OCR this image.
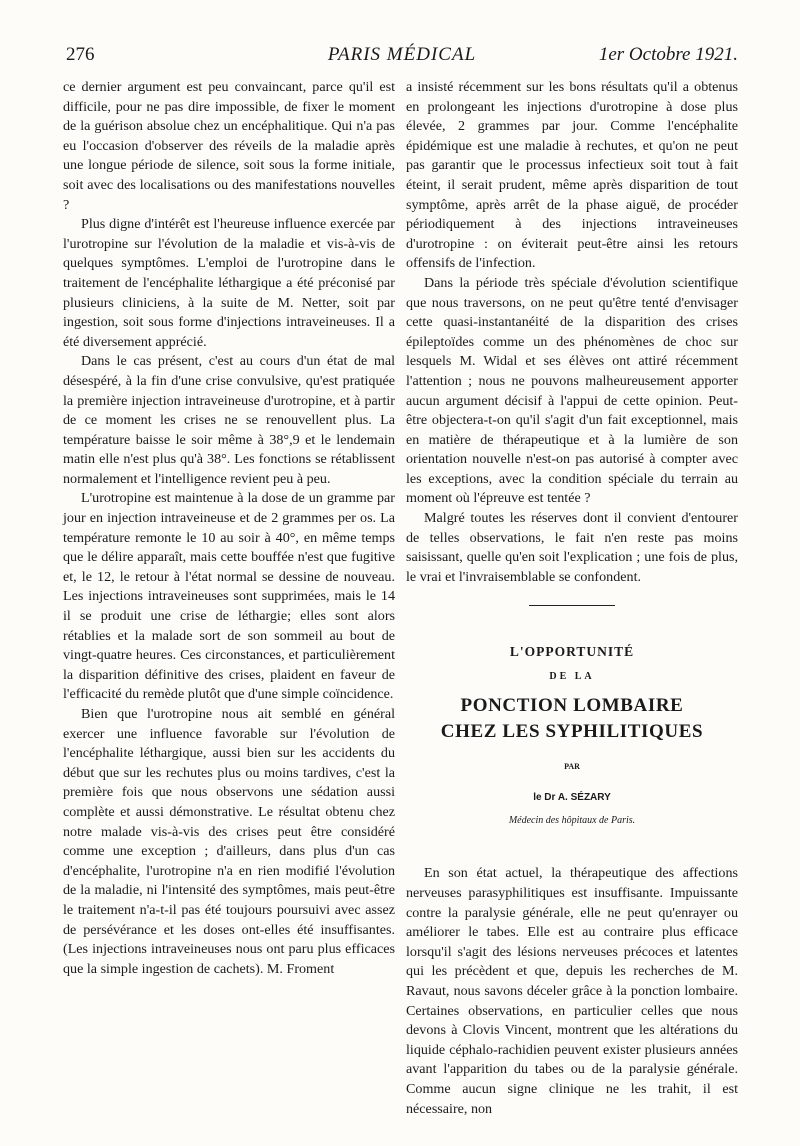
276	PARIS MÉDICAL	1er Octobre 1921.

ce dernier argument est peu convaincant, parce qu'il est difficile, pour ne pas dire impossible, de fixer le moment de la guérison absolue chez un encéphalitique. Qui n'a pas eu l'occasion d'observer des réveils de la maladie après une longue période de silence, soit sous la forme initiale, soit avec des localisations ou des manifestations nouvelles ?

Plus digne d'intérêt est l'heureuse influence exercée par l'urotropine sur l'évolution de la maladie et vis-à-vis de quelques symptômes. L'emploi de l'urotropine dans le traitement de l'encéphalite léthargique a été préconisé par plusieurs cliniciens, à la suite de M. Netter, soit par ingestion, soit sous forme d'injections intraveineuses. Il a été diversement apprécié.

Dans le cas présent, c'est au cours d'un état de mal désespéré, à la fin d'une crise convulsive, qu'est pratiquée la première injection intraveineuse d'urotropine, et à partir de ce moment les crises ne se renouvellent plus. La température baisse le soir même à 38°,9 et le lendemain matin elle n'est plus qu'à 38°. Les fonctions se rétablissent normalement et l'intelligence revient peu à peu.

L'urotropine est maintenue à la dose de un gramme par jour en injection intraveineuse et de 2 grammes per os. La température remonte le 10 au soir à 40°, en même temps que le délire apparaît, mais cette bouffée n'est que fugitive et, le 12, le retour à l'état normal se dessine de nouveau. Les injections intraveineuses sont supprimées, mais le 14 il se produit une crise de léthargie; elles sont alors rétablies et la malade sort de son sommeil au bout de vingt-quatre heures. Ces circonstances, et particulièrement la disparition définitive des crises, plaident en faveur de l'efficacité du remède plutôt que d'une simple coïncidence.

Bien que l'urotropine nous ait semblé en général exercer une influence favorable sur l'évolution de l'encéphalite léthargique, aussi bien sur les accidents du début que sur les rechutes plus ou moins tardives, c'est la première fois que nous observons une sédation aussi complète et aussi démonstrative. Le résultat obtenu chez notre malade vis-à-vis des crises peut être considéré comme une exception ; d'ailleurs, dans plus d'un cas d'encéphalite, l'urotropine n'a en rien modifié l'évolution de la maladie, ni l'intensité des symptômes, mais peut-être le traitement n'a-t-il pas été toujours poursuivi avec assez de persévérance et les doses ont-elles été insuffisantes. (Les injections intraveineuses nous ont paru plus efficaces que la simple ingestion de cachets). M. Froment

a insisté récemment sur les bons résultats qu'il a obtenus en prolongeant les injections d'urotropine à dose plus élevée, 2 grammes par jour. Comme l'encéphalite épidémique est une maladie à rechutes, et qu'on ne peut pas garantir que le processus infectieux soit tout à fait éteint, il serait prudent, même après disparition de tout symptôme, après arrêt de la phase aiguë, de procéder périodiquement à des injections intraveineuses d'urotropine : on éviterait peut-être ainsi les retours offensifs de l'infection.

Dans la période très spéciale d'évolution scientifique que nous traversons, on ne peut qu'être tenté d'envisager cette quasi-instantanéité de la disparition des crises épileptoïdes comme un des phénomènes de choc sur lesquels M. Widal et ses élèves ont attiré récemment l'attention ; nous ne pouvons malheureusement apporter aucun argument décisif à l'appui de cette opinion. Peut-être objectera-t-on qu'il s'agit d'un fait exceptionnel, mais en matière de thérapeutique et à la lumière de son orientation nouvelle n'est-on pas autorisé à compter avec les exceptions, avec la condition spéciale du terrain au moment où l'épreuve est tentée ?

Malgré toutes les réserves dont il convient d'entourer de telles observations, le fait n'en reste pas moins saisissant, quelle qu'en soit l'explication ; une fois de plus, le vrai et l'invraisemblable se confondent.

L'OPPORTUNITÉ
DE LA
PONCTION LOMBAIRE
CHEZ LES SYPHILITIQUES
PAR
le Dr A. SÉZARY
Médecin des hôpitaux de Paris.

En son état actuel, la thérapeutique des affections nerveuses parasyphilitiques est insuffisante. Impuissante contre la paralysie générale, elle ne peut qu'enrayer ou améliorer le tabes. Elle est au contraire plus efficace lorsqu'il s'agit des lésions nerveuses précoces et latentes qui les précèdent et que, depuis les recherches de M. Ravaut, nous savons déceler grâce à la ponction lombaire. Certaines observations, en particulier celles que nous devons à Clovis Vincent, montrent que les altérations du liquide céphalo-rachidien peuvent exister plusieurs années avant l'apparition du tabes ou de la paralysie générale. Comme aucun signe clinique ne les trahit, il est nécessaire, non
